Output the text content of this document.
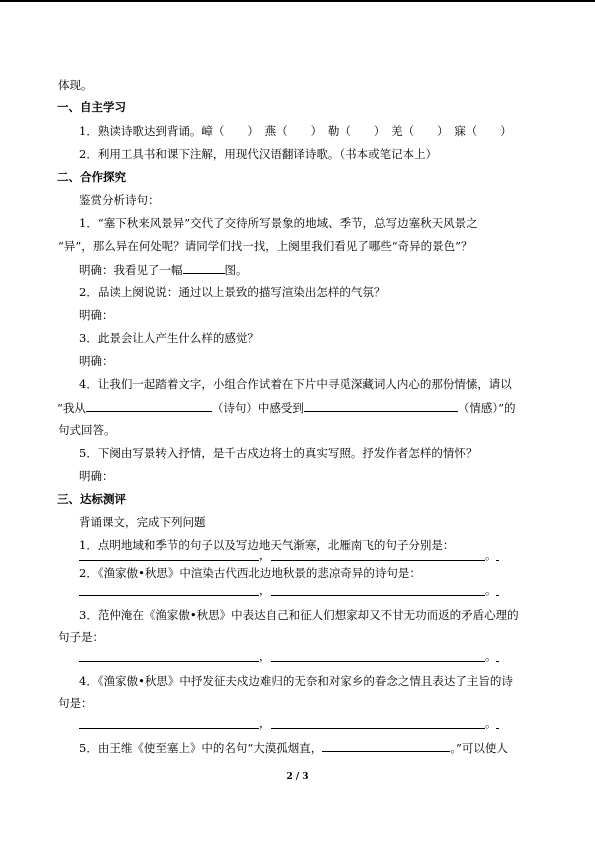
体现。
一、自主学习
1．熟读诗歌达到背诵。嶂（　　）　燕（　　）　勒（　　）　羌（　　）　寐（　　）
2．利用工具书和课下注解，用现代汉语翻译诗歌。（书本或笔记本上）
二、合作探究
鉴赏分析诗句：
1．“塞下秋来风景异”交代了交待所写景象的地域、季节，总写边塞秋天风景之
“异”，那么异在何处呢？请同学们找一找，上阕里我们看见了哪些“奇异的景色”？
明确：我看见了一幅	图。
2．品读上阕说说：通过以上景致的描写渲染出怎样的气氛？
明确：
3．此景会让人产生什么样的感觉？
明确：
4．让我们一起踏着文字，小组合作试着在下片中寻觅深藏词人内心的那份情愫，请以
“我从	（诗句）中感受到	（情感）”的
句式回答。
5．下阕由写景转入抒情，是千古戍边将士的真实写照。抒发作者怎样的情怀？
明确：
三、达标测评
背诵课文，完成下列问题
1．点明地域和季节的句子以及写边地天气渐寒，北雁南飞的句子分别是：
，	。
2．《渔家傲•秋思》中渲染古代西北边地秋景的悲凉奇异的诗句是：
，	。
3．范仲淹在《渔家傲•秋思》中表达自己和征人们想家却又不甘无功而返的矛盾心理的
句子是：
，	。
4．《渔家傲•秋思》中抒发征夫戍边难归的无奈和对家乡的眷念之情且表达了主旨的诗
句是：
，	。
5．由王维《使至塞上》中的名句“大漠孤烟直，	。”可以使人
2 / 3
